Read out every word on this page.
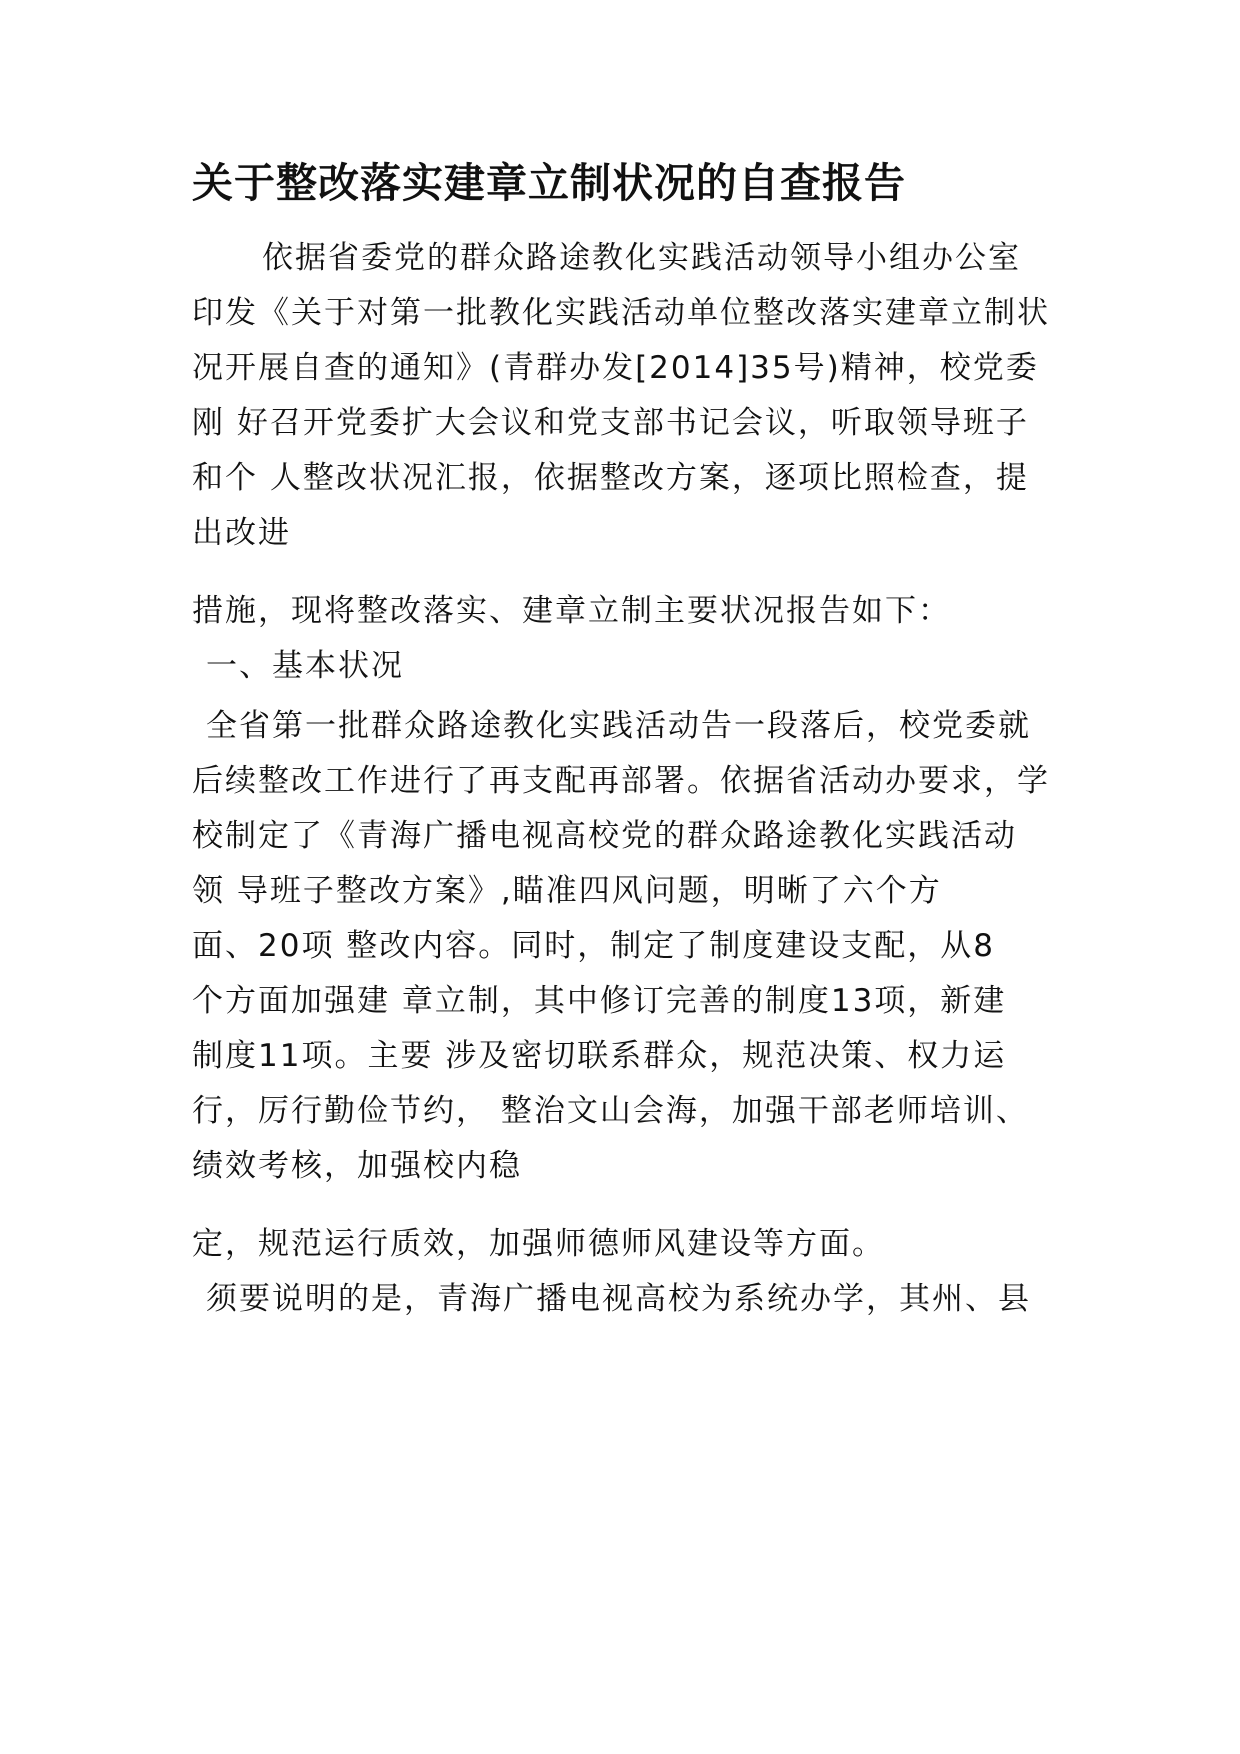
关于整改落实建章立制状况的自查报告
依据省委党的群众路途教化实践活动领导小组办公室
印发《关于对第一批教化实践活动单位整改落实建章立制状
况开展自查的通知》(青群办发[2014]35号)精神，校党委
刚 好召开党委扩大会议和党支部书记会议，听取领导班子
和个 人整改状况汇报，依据整改方案，逐项比照检查，提
出改进
措施，现将整改落实、建章立制主要状况报告如下：
一、基本状况
全省第一批群众路途教化实践活动告一段落后，校党委就
后续整改工作进行了再支配再部署。依据省活动办要求，学
校制定了《青海广播电视高校党的群众路途教化实践活动
领 导班子整改方案》,瞄准四风问题，明晰了六个方
面、20项 整改内容。同时，制定了制度建设支配，从8
个方面加强建 章立制，其中修订完善的制度13项，新建
制度11项。主要 涉及密切联系群众，规范决策、权力运
行，厉行勤俭节约， 整治文山会海，加强干部老师培训、
绩效考核，加强校内稳
定，规范运行质效，加强师德师风建设等方面。
须要说明的是，青海广播电视高校为系统办学，其州、县
